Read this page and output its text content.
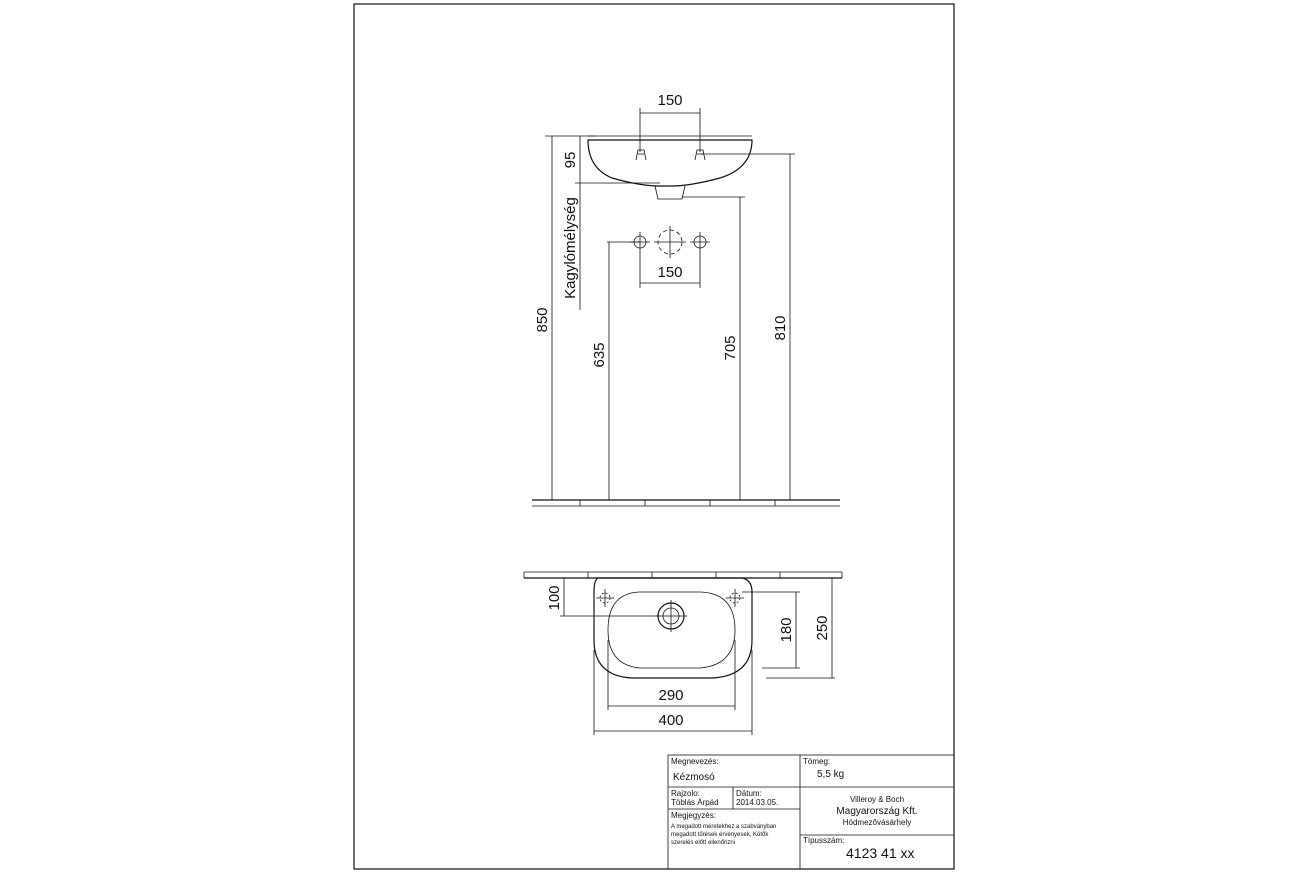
150
95
Kagylómélység
850
150
635	705
810
100
180 250
290
400
Megnevezés:
Kézmosó
Tömeg:
5,5 kg
Rajzolo:
Töblás Árpád
Dátum:
2014.03.05.	Villeroy & Boch
Magyarország Kft.
Hódmezővásárhely
Megjegyzés:
A megadott méretekhez a szabványban
megadott tűrések érvényesek, Kötők
szerelés előtt ellenőrizni	Típusszám:
4123 41 xx
